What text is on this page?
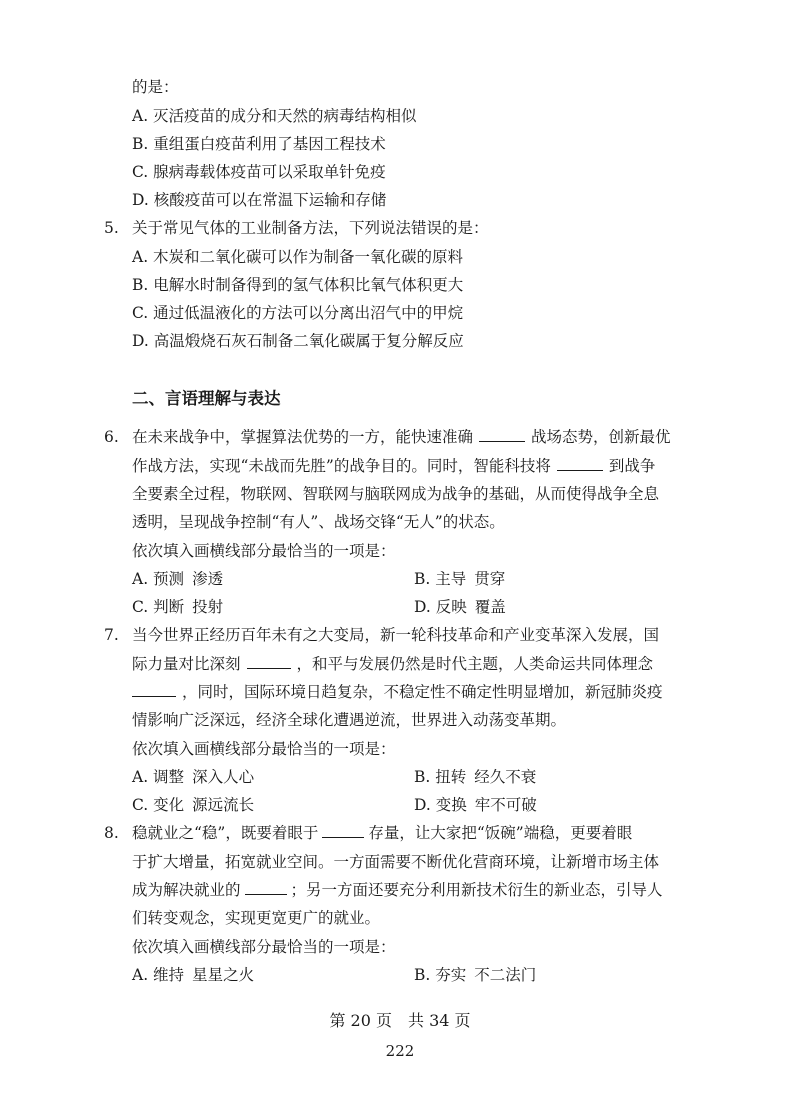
的是：
A. 灭活疫苗的成分和天然的病毒结构相似
B. 重组蛋白疫苗利用了基因工程技术
C. 腺病毒载体疫苗可以采取单针免疫
D. 核酸疫苗可以在常温下运输和存储
5. 关于常见气体的工业制备方法，下列说法错误的是：
A. 木炭和二氧化碳可以作为制备一氧化碳的原料
B. 电解水时制备得到的氢气体积比氧气体积更大
C. 通过低温液化的方法可以分离出沼气中的甲烷
D. 高温煅烧石灰石制备二氧化碳属于复分解反应
二、言语理解与表达
6. 在未来战争中，掌握算法优势的一方，能快速准确	战场态势，创新最优
作战方法，实现“未战而先胜”的战争目的。同时，智能科技将	到战争
全要素全过程，物联网、智联网与脑联网成为战争的基础，从而使得战争全息
透明，呈现战争控制“有人”、战场交锋“无人”的状态。
依次填入画横线部分最恰当的一项是：
A. 预测 渗透	B. 主导 贯穿
C. 判断 投射	D. 反映 覆盖
7. 当今世界正经历百年未有之大变局，新一轮科技革命和产业变革深入发展，国
际力量对比深刻	，和平与发展仍然是时代主题，人类命运共同体理念
，同时，国际环境日趋复杂，不稳定性不确定性明显增加，新冠肺炎疫
情影响广泛深远，经济全球化遭遇逆流，世界进入动荡变革期。
依次填入画横线部分最恰当的一项是：
A. 调整 深入人心	B. 扭转 经久不衰
C. 变化 源远流长	D. 变换 牢不可破
8. 稳就业之“稳”，既要着眼于	存量，让大家把“饭碗”端稳，更要着眼
于扩大增量，拓宽就业空间。一方面需要不断优化营商环境，让新增市场主体
成为解决就业的	；另一方面还要充分利用新技术衍生的新业态，引导人
们转变观念，实现更宽更广的就业。
依次填入画横线部分最恰当的一项是：
A. 维持 星星之火	B. 夯实 不二法门
第 20 页　共 34 页
222
